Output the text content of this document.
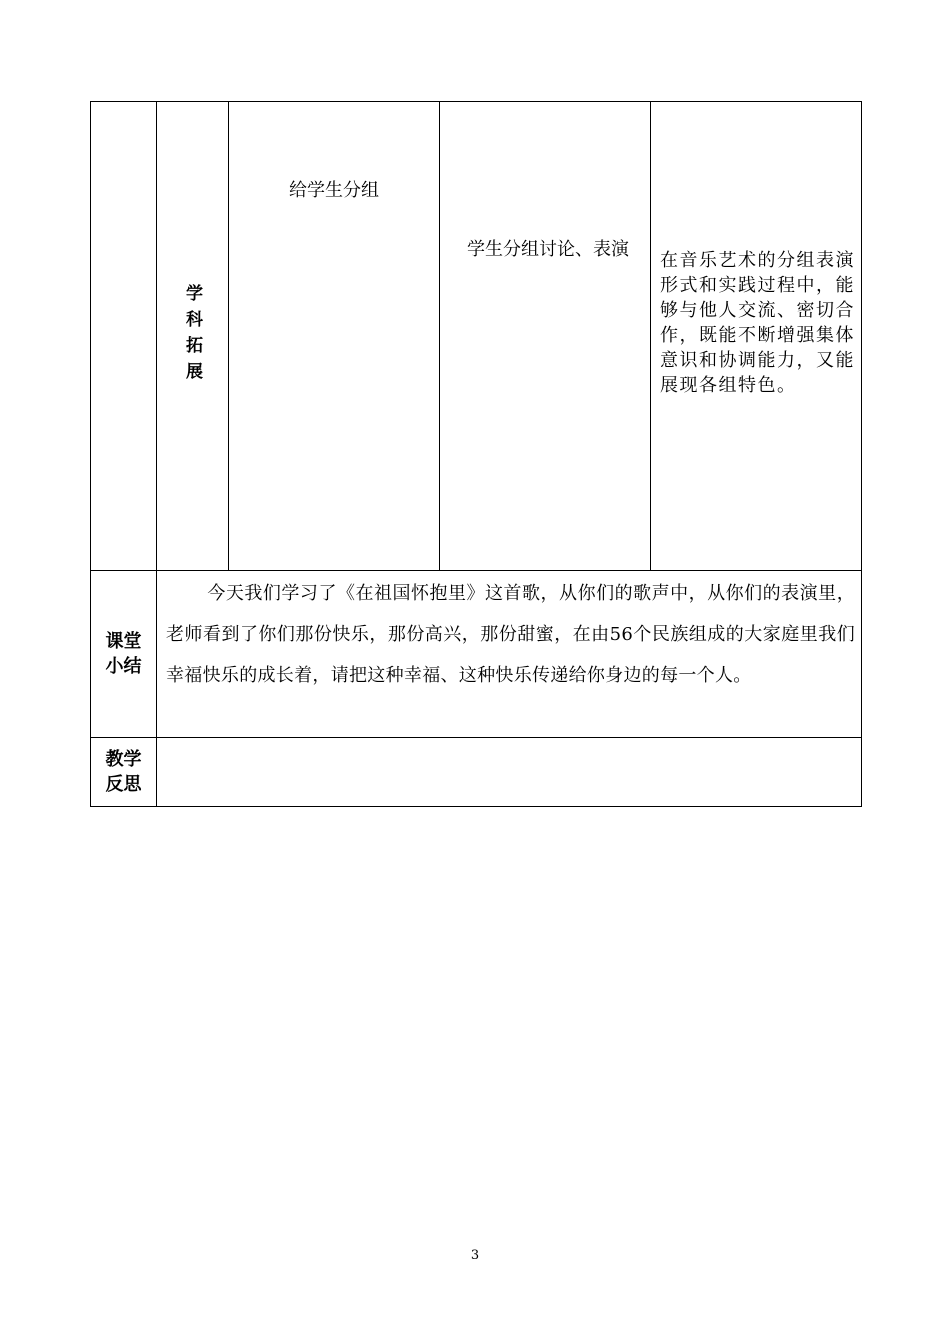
	学科拓展	给学生分组	学生分组讨论、表演	在音乐艺术的分组表演形式和实践过程中，能够与他人交流、密切合作，既能不断增强集体意识和协调能力，又能展现各组特色。

课堂小结	今天我们学习了《在祖国怀抱里》这首歌，从你们的歌声中，从你们的表演里，老师看到了你们那份快乐，那份高兴，那份甜蜜，在由56个民族组成的大家庭里我们幸福快乐的成长着，请把这种幸福、这种快乐传递给你身边的每一个人。			

教学反思				
3
